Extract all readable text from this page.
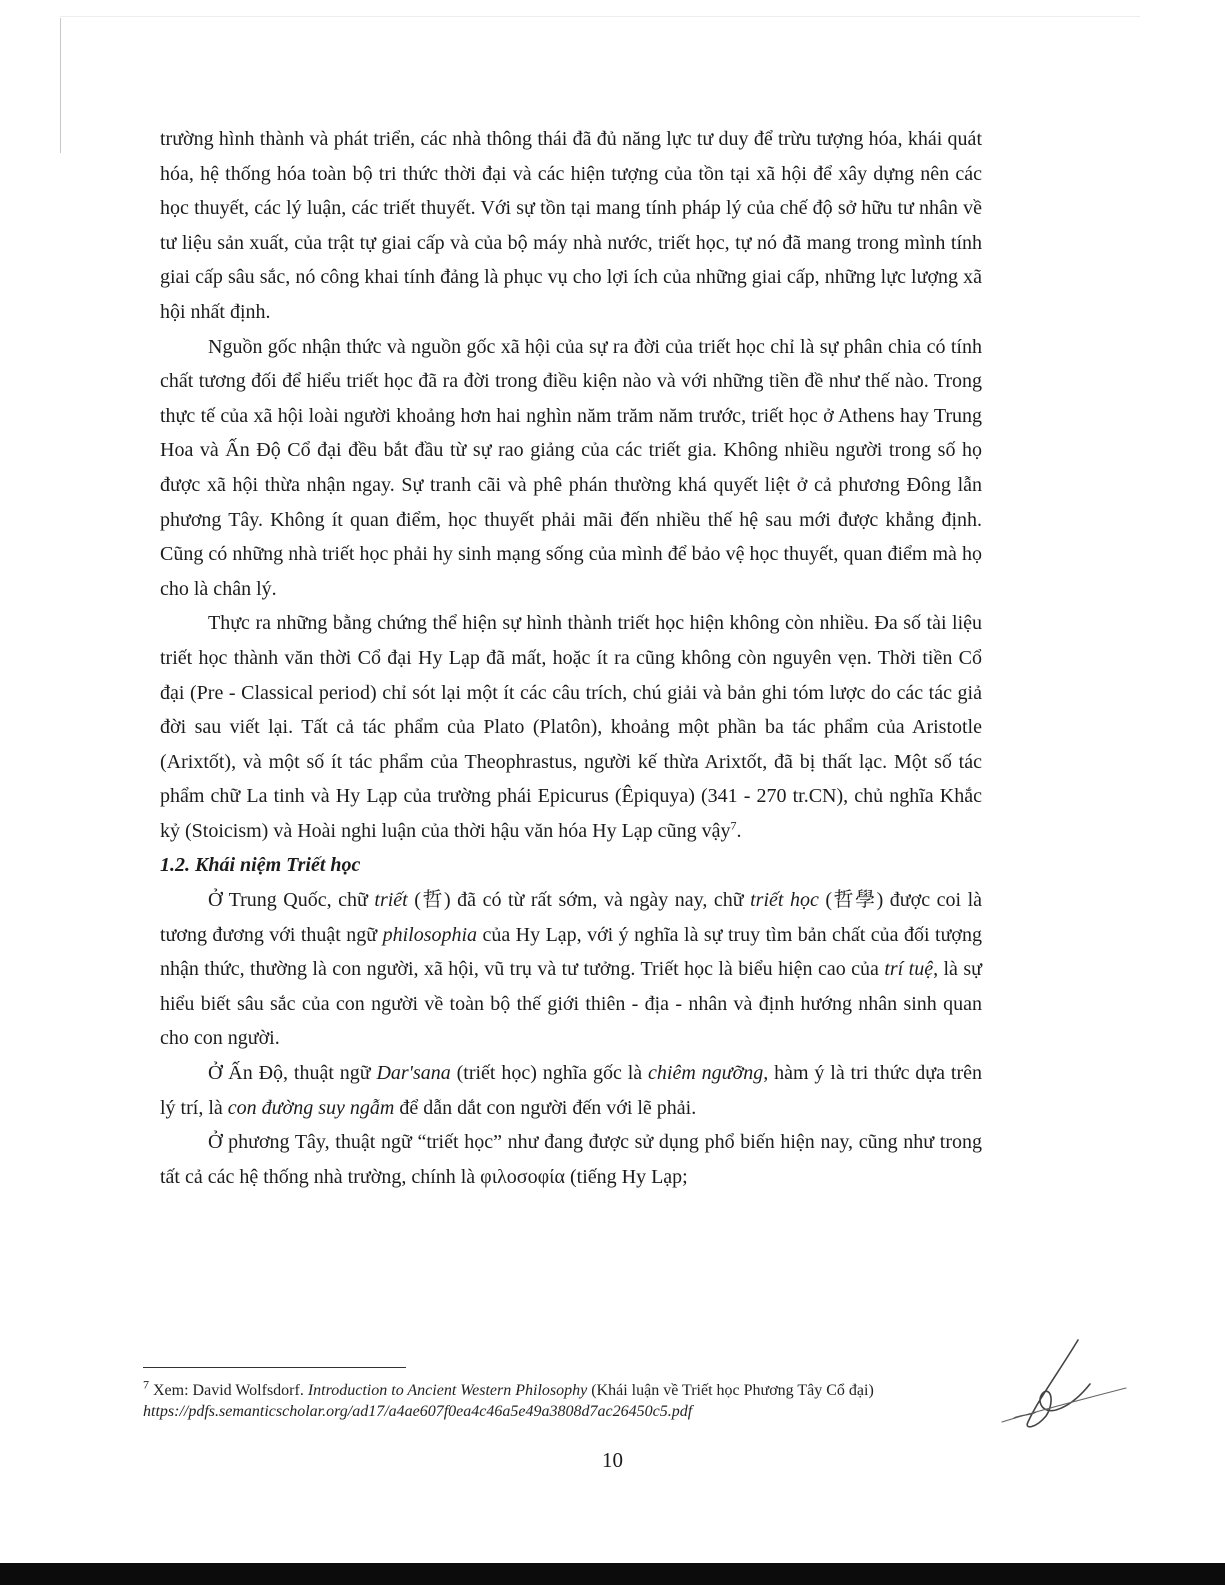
trường hình thành và phát triển, các nhà thông thái đã đủ năng lực tư duy để trừu tượng hóa, khái quát hóa, hệ thống hóa toàn bộ tri thức thời đại và các hiện tượng của tồn tại xã hội để xây dựng nên các học thuyết, các lý luận, các triết thuyết. Với sự tồn tại mang tính pháp lý của chế độ sở hữu tư nhân về tư liệu sản xuất, của trật tự giai cấp và của bộ máy nhà nước, triết học, tự nó đã mang trong mình tính giai cấp sâu sắc, nó công khai tính đảng là phục vụ cho lợi ích của những giai cấp, những lực lượng xã hội nhất định.

Nguồn gốc nhận thức và nguồn gốc xã hội của sự ra đời của triết học chỉ là sự phân chia có tính chất tương đối để hiểu triết học đã ra đời trong điều kiện nào và với những tiền đề như thế nào. Trong thực tế của xã hội loài người khoảng hơn hai nghìn năm trăm năm trước, triết học ở Athens hay Trung Hoa và Ấn Độ Cổ đại đều bắt đầu từ sự rao giảng của các triết gia. Không nhiều người trong số họ được xã hội thừa nhận ngay. Sự tranh cãi và phê phán thường khá quyết liệt ở cả phương Đông lẫn phương Tây. Không ít quan điểm, học thuyết phải mãi đến nhiều thế hệ sau mới được khẳng định. Cũng có những nhà triết học phải hy sinh mạng sống của mình để bảo vệ học thuyết, quan điểm mà họ cho là chân lý.

Thực ra những bằng chứng thể hiện sự hình thành triết học hiện không còn nhiều. Đa số tài liệu triết học thành văn thời Cổ đại Hy Lạp đã mất, hoặc ít ra cũng không còn nguyên vẹn. Thời tiền Cổ đại (Pre - Classical period) chỉ sót lại một ít các câu trích, chú giải và bản ghi tóm lược do các tác giả đời sau viết lại. Tất cả tác phẩm của Plato (Platôn), khoảng một phần ba tác phẩm của Aristotle (Arixtốt), và một số ít tác phẩm của Theophrastus, người kế thừa Arixtốt, đã bị thất lạc. Một số tác phẩm chữ La tinh và Hy Lạp của trường phái Epicurus (Êpiquya) (341 - 270 tr.CN), chủ nghĩa Khắc kỷ (Stoicism) và Hoài nghi luận của thời hậu văn hóa Hy Lạp cũng vậy$^7$.

1.2. Khái niệm Triết học

Ở Trung Quốc, chữ triết (哲) đã có từ rất sớm, và ngày nay, chữ triết học (哲學) được coi là tương đương với thuật ngữ philosophia của Hy Lạp, với ý nghĩa là sự truy tìm bản chất của đối tượng nhận thức, thường là con người, xã hội, vũ trụ và tư tưởng. Triết học là biểu hiện cao của trí tuệ, là sự hiểu biết sâu sắc của con người về toàn bộ thế giới thiên - địa - nhân và định hướng nhân sinh quan cho con người.

Ở Ấn Độ, thuật ngữ Dar'sana (triết học) nghĩa gốc là chiêm ngưỡng, hàm ý là tri thức dựa trên lý trí, là con đường suy ngẫm để dẫn dắt con người đến với lẽ phải.

Ở phương Tây, thuật ngữ “triết học” như đang được sử dụng phổ biến hiện nay, cũng như trong tất cả các hệ thống nhà trường, chính là φιλοσοφία (tiếng Hy Lạp;

$^7$ Xem: David Wolfsdorf. Introduction to Ancient Western Philosophy (Khái luận về Triết học Phương Tây Cổ đại) https://pdfs.semanticscholar.org/ad17/a4ae607f0ea4c46a5e49a3808d7ac26450c5.pdf
10
